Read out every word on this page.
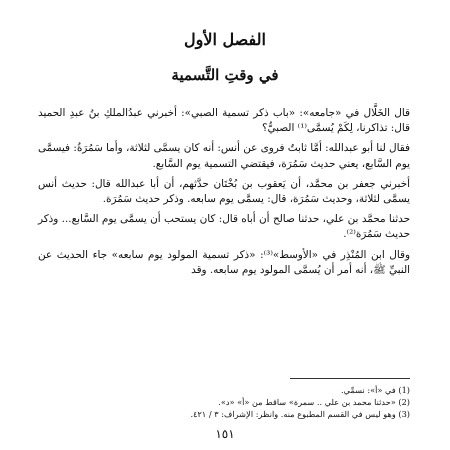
الفصل الأول
في وقتِ التَّسمية

قال الخَلَّال في «جامعه»: «باب ذكر تسمية الصبي»: أخبرني عبدُالملكِ بنُ عبدِ الحميد قال: تذاكرنا، لِكَمْ يُسمَّى⁽¹⁾ الصبيُّ؟

فقال لنا أبو عبدالله: أمَّا ثابتٌ فروى عن أنس: أنه كان يسمَّى لثلاثة، وأما سَمُرَةُ: فيسمَّى يوم السَّابع، يعني حديث سَمُرَة، فيقتضي التسمية يوم السَّابع.

أخبرني جعفر بن محمَّد، أن يَعقوب بن بُخْتَان حدَّثهم، أن أبا عبدالله قال: حديث أنس يسمَّى لثلاثة، وحديث سَمُرَة، قال: يسمَّى يوم سابعه. وذكر حديث سَمُرَة.

حدثنا محمَّد بن علي، حدثنا صالح أن أباه قال: كان يستحب أن يسمَّى يوم السَّابع... وذكر حديث سَمُرَة⁽²⁾.

وقال ابن المُنْذِر في «الأوسط»⁽³⁾: «ذكر تسمية المولود يوم سابعه» جاء الحديث عن النبيِّ ﷺ، أنه أمر أن يُسمَّى المولود يوم سابعه. وقد

(1) في «أ»: نسمِّي.
(2) «حدثنا محمد بن علي .. سمرة» ساقط من «أ» «د».
(3) وهو ليس في القسم المطبوع منه. وانظر: الإشراف: ٣ / ٤٢١.
١٥١
